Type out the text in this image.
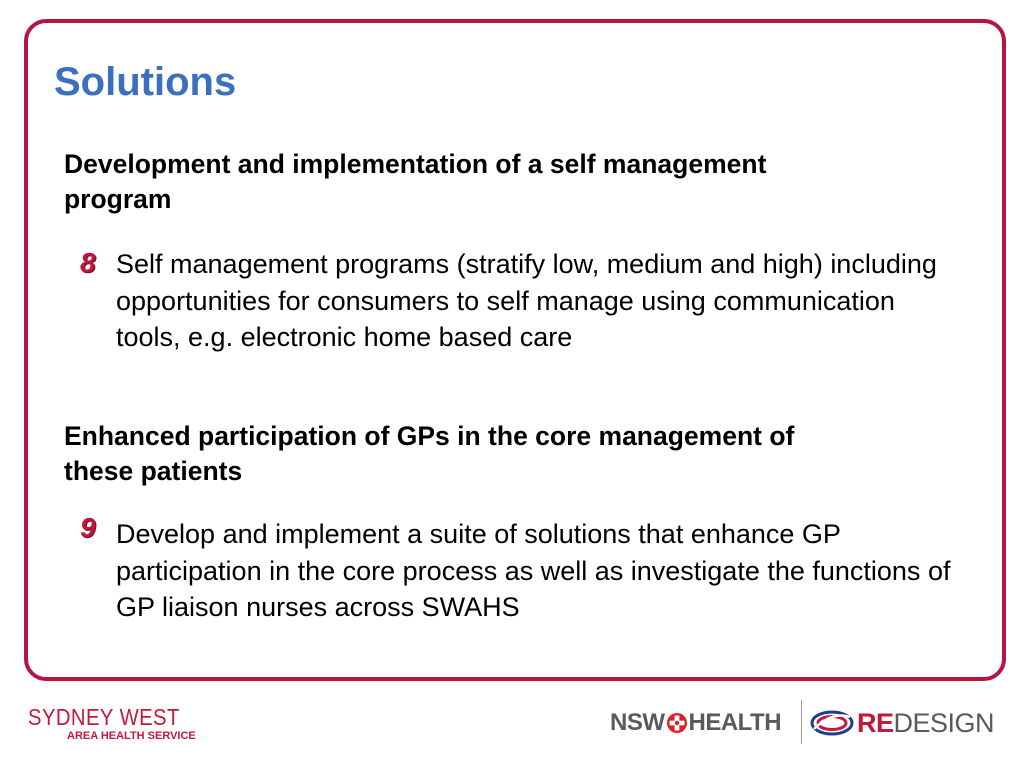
Solutions

Development and implementation of a self management program

8 Self management programs (stratify low, medium and high) including opportunities for consumers to self manage using communication tools, e.g. electronic home based care

Enhanced participation of GPs in the core management of these patients

9 Develop and implement a suite of solutions that enhance GP participation in the core process as well as investigate the functions of GP liaison nurses across SWAHS

SYDNEY WEST
AREA HEALTH SERVICE	NSW HEALTH	RE DESIGN
